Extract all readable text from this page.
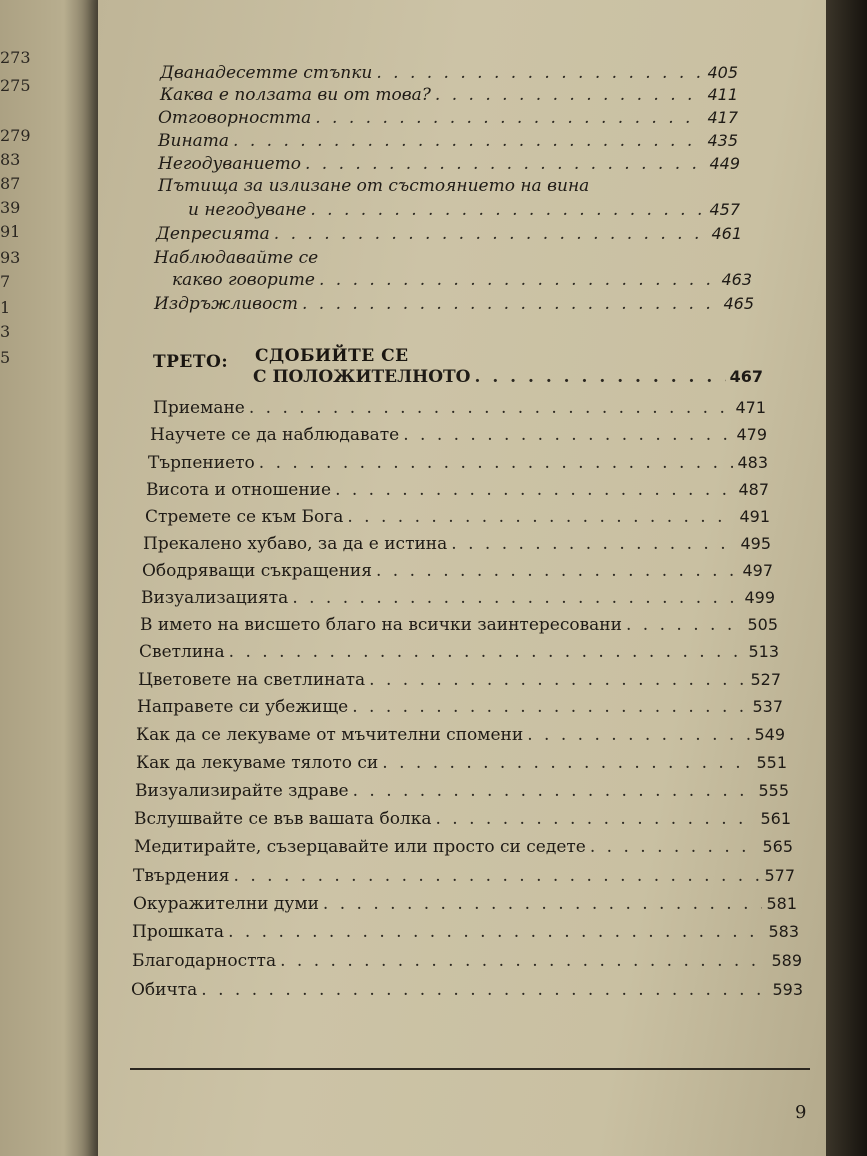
273
275
279
83
87
39
91
93
7
1
3
5
Дванадесетте стъпки . . .	405
Каква е ползата ви от това? . . .	411
Отговорността . . .	417
Вината . . .	435
Негодуванието . . .	449
Пътища за излизане от състоянието на вина
и негодуване . . .	457
Депресията . . .	461
Наблюдавайте се
какво говорите . . .	463
Издръжливост . . .	465
ТРЕТО: СДОБИЙТЕ СЕ
С ПОЛОЖИТЕЛНОТО . . .	467
Приемане . . .	471
Научете се да наблюдавате . . .	479
Търпението . . .	483
Висота и отношение . . .	487
Стремете се към Бога . . .	491
Прекалено хубаво, за да е истина . . .	495
Ободряващи съкращения . . .	497
Визуализацията . . .	499
В името на висшето благо на всички заинтересовани . . .	505
Светлина . . .	513
Цветовете на светлината . . .	527
Направете си убежище . . .	537
Как да се лекуваме от мъчителни спомени . . .	549
Как да лекуваме тялото си . . .	551
Визуализирайте здраве . . .	555
Вслушвайте се във вашата болка . . .	561
Медитирайте, съзерцавайте или просто си седете . . .	565
Твърдения . . .	577
Окуражителни думи . . .	581
Прошката . . .	583
Благодарността . . .	589
Обичта . . .	593
9
